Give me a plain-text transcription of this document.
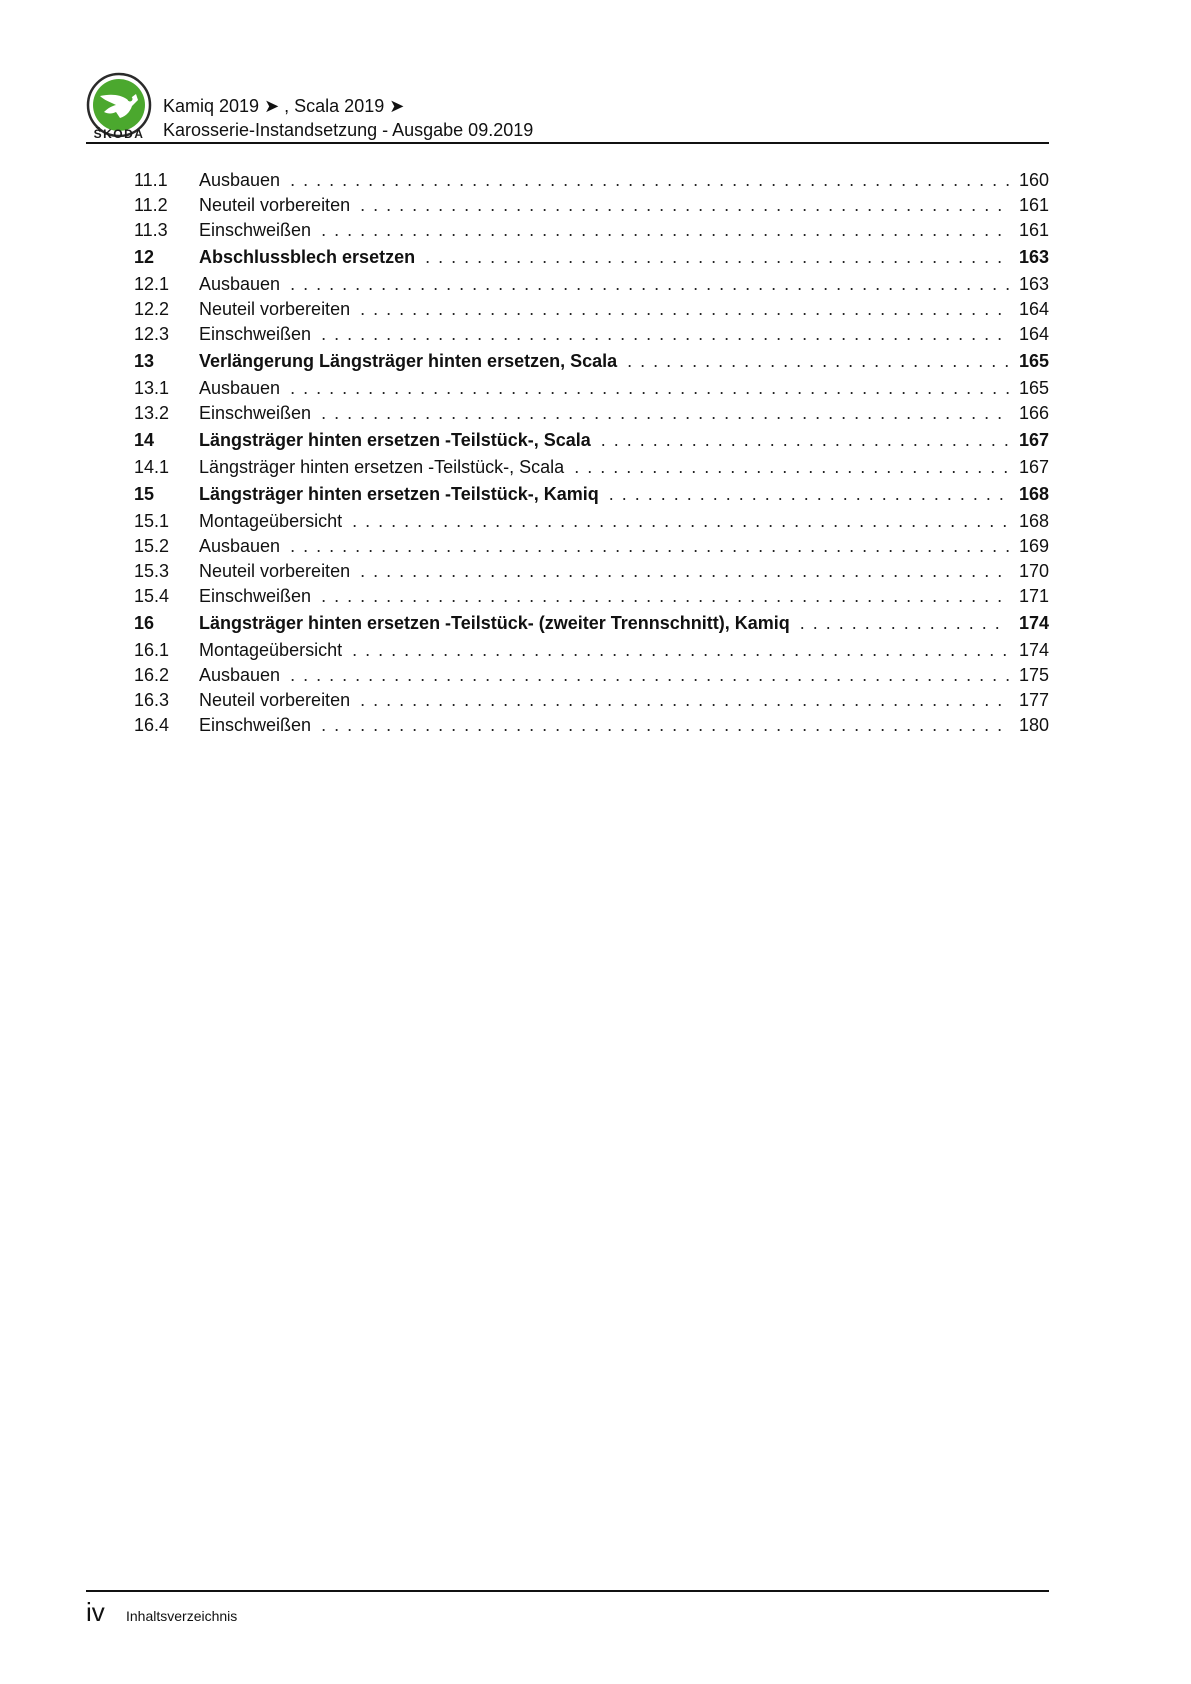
ŠKODA
Kamiq 2019 ➤ , Scala 2019 ➤
Karosserie-Instandsetzung - Ausgabe 09.2019
11.1	Ausbauen . . .	160
11.2	Neuteil vorbereiten . . .	161
11.3	Einschweißen . . .	161
12	Abschlussblech ersetzen . . .	163
12.1	Ausbauen . . .	163
12.2	Neuteil vorbereiten . . .	164
12.3	Einschweißen . . .	164
13	Verlängerung Längsträger hinten ersetzen, Scala . . .	165
13.1	Ausbauen . . .	165
13.2	Einschweißen . . .	166
14	Längsträger hinten ersetzen -Teilstück-, Scala . . .	167
14.1	Längsträger hinten ersetzen -Teilstück-, Scala . . .	167
15	Längsträger hinten ersetzen -Teilstück-, Kamiq . . .	168
15.1	Montageübersicht . . .	168
15.2	Ausbauen . . .	169
15.3	Neuteil vorbereiten . . .	170
15.4	Einschweißen . . .	171
16	Längsträger hinten ersetzen -Teilstück- (zweiter Trennschnitt), Kamiq . . .	174
16.1	Montageübersicht . . .	174
16.2	Ausbauen . . .	175
16.3	Neuteil vorbereiten . . .	177
16.4	Einschweißen . . .	180
iv Inhaltsverzeichnis
